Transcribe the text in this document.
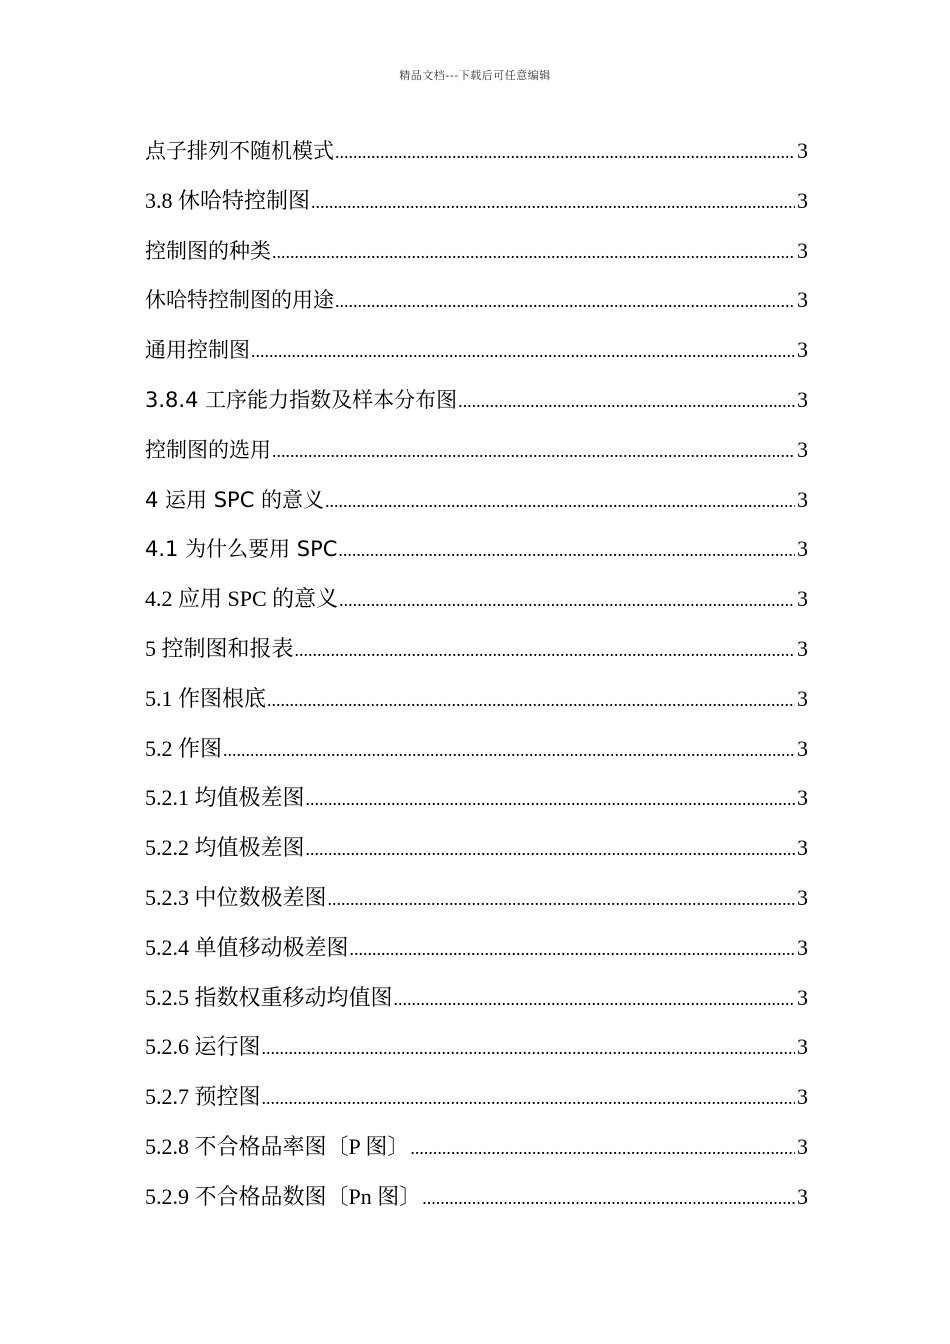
精品文档---下载后可任意编辑
点子排列不随机模式 .....	3
3.8 休哈特控制图 .....	3
控制图的种类 .....	3
休哈特控制图的用途 .....	3
通用控制图 .....	3
3.8.4 工序能力指数及样本分布图 .....	3
控制图的选用 .....	3
4 运用 SPC 的意义 .....	3
4.1 为什么要用 SPC .....	3
4.2 应用 SPC 的意义 .....	3
5 控制图和报表 .....	3
5.1 作图根底 .....	3
5.2 作图 .....	3
5.2.1 均值极差图 .....	3
5.2.2 均值极差图 .....	3
5.2.3 中位数极差图 .....	3
5.2.4 单值移动极差图 .....	3
5.2.5 指数权重移动均值图 .....	3
5.2.6 运行图 .....	3
5.2.7 预控图 .....	3
5.2.8 不合格品率图〔P 图〕 .....	3
5.2.9 不合格品数图〔Pn 图〕 .....	3
